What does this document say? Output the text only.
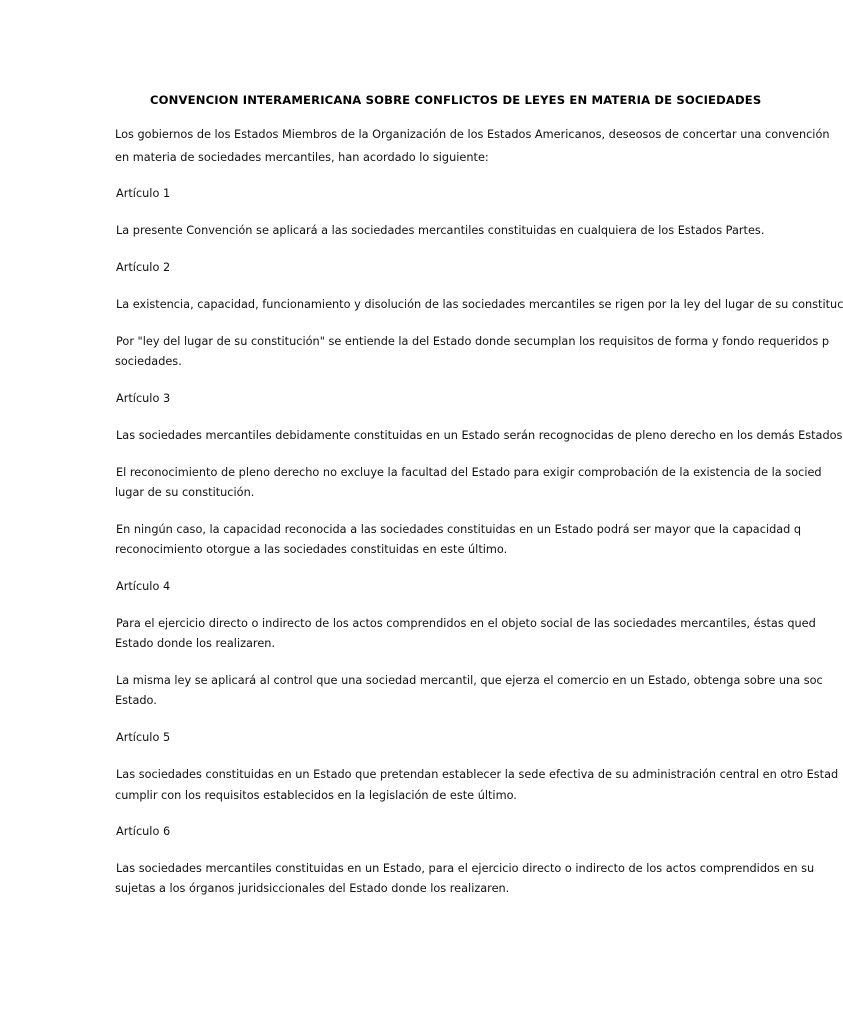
CONVENCION INTERAMERICANA SOBRE CONFLICTOS DE LEYES EN MATERIA DE SOCIEDADES
Los gobiernos de los Estados Miembros de la Organización de los Estados Americanos, deseosos de concertar una convención
en materia de sociedades mercantiles, han acordado lo siguiente:
Artículo 1
La presente Convención se aplicará a las sociedades mercantiles constituidas en cualquiera de los Estados Partes.
Artículo 2
La existencia, capacidad, funcionamiento y disolución de las sociedades mercantiles se rigen por la ley del lugar de su constituc
Por "ley del lugar de su constitución" se entiende la del Estado donde secumplan los requisitos de forma y fondo requeridos p
sociedades.
Artículo 3
Las sociedades mercantiles debidamente constituidas en un Estado serán recognocidas de pleno derecho en los demás Estados
El reconocimiento de pleno derecho no excluye la facultad del Estado para exigir comprobación de la existencia de la socied
lugar de su constitución.
En ningún caso, la capacidad reconocida a las sociedades constituidas en un Estado podrá ser mayor que la capacidad q
reconocimiento otorgue a las sociedades constituidas en este último.
Artículo 4
Para el ejercicio directo o indirecto de los actos comprendidos en el objeto social de las sociedades mercantiles, éstas qued
Estado donde los realizaren.
La misma ley se aplicará al control que una sociedad mercantil, que ejerza el comercio en un Estado, obtenga sobre una soc
Estado.
Artículo 5
Las sociedades constituidas en un Estado que pretendan establecer la sede efectiva de su administración central en otro Estad
cumplir con los requisitos establecidos en la legislación de este último.
Artículo 6
Las sociedades mercantiles constituidas en un Estado, para el ejercicio directo o indirecto de los actos comprendidos en su
sujetas a los órganos juridsiccionales del Estado donde los realizaren.
